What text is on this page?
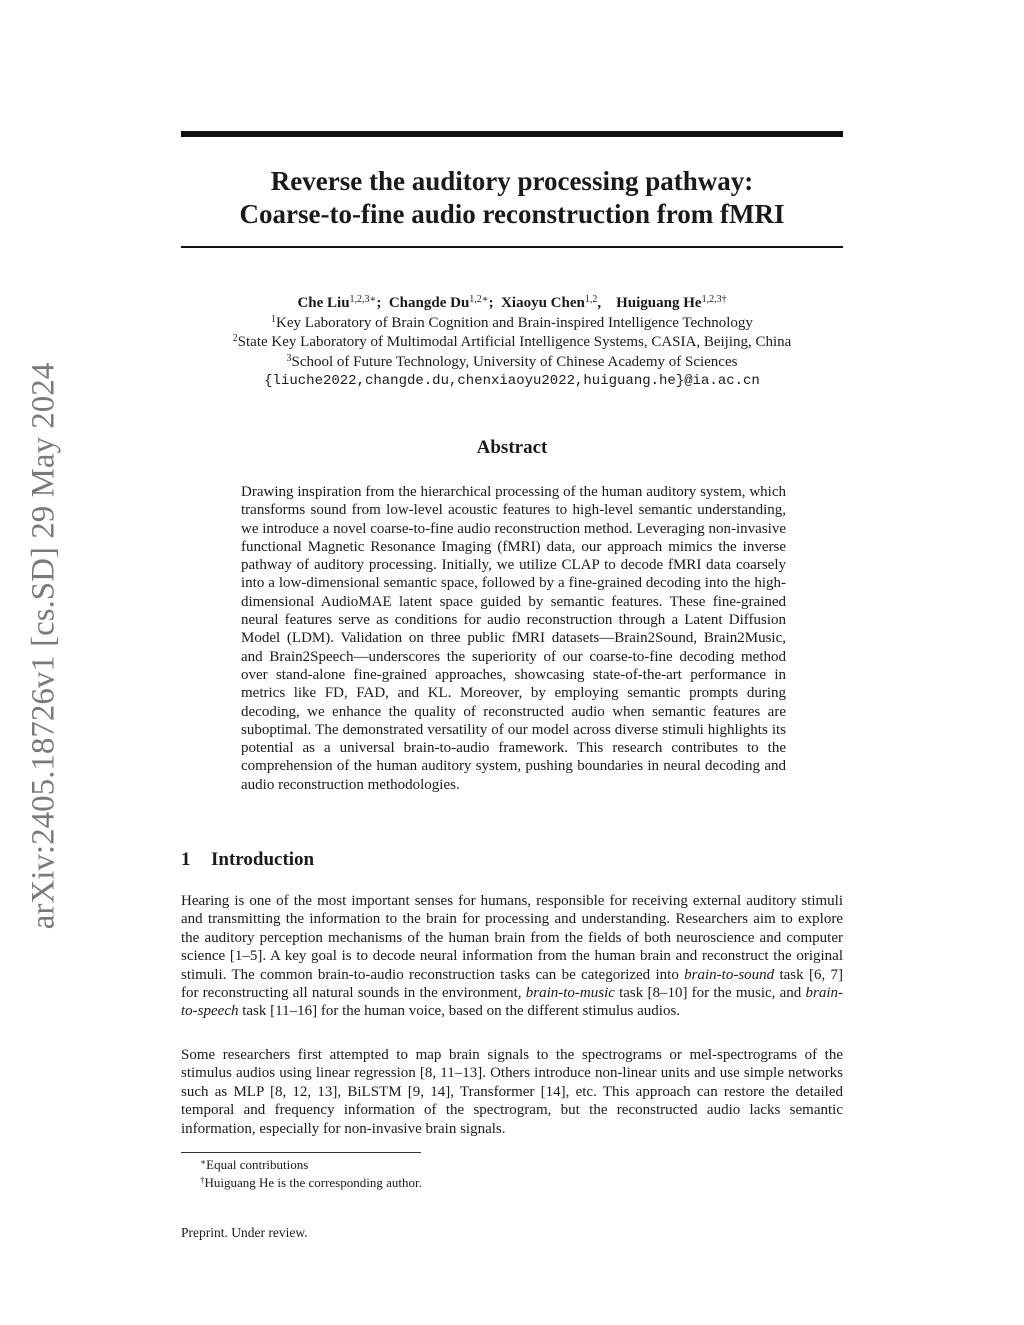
arXiv:2405.18726v1 [cs.SD] 29 May 2024
Reverse the auditory processing pathway:
Coarse-to-fine audio reconstruction from fMRI
Che Liu$^{1,2,3∗}$;  Changde $Du^{1,2∗}$;  Xiaoyu Chen$^{1,2}$,    Huiguang $He^{1,2,3\dagger}$
$^1$Key Laboratory of Brain Cognition and Brain-inspired Intelligence Technology
$^2$State Key Laboratory of Multimodal Artificial Intelligence Systems, CASIA, Beijing, China
$^3$School of Future Technology, University of Chinese Academy of Sciences
{liuche2022,changde.du,chenxiaoyu2022,huiguang.he}@ia.ac.cn
Abstract

Drawing inspiration from the hierarchical processing of the human auditory system, which transforms sound from low-level acoustic features to high-level semantic understanding, we introduce a novel coarse-to-fine audio reconstruction method. Leveraging non-invasive functional Magnetic Resonance Imaging (fMRI) data, our approach mimics the inverse pathway of auditory processing. Initially, we utilize CLAP to decode fMRI data coarsely into a low-dimensional semantic space, followed by a fine-grained decoding into the high-dimensional AudioMAE latent space guided by semantic features. These fine-grained neural features serve as conditions for audio reconstruction through a Latent Diffusion Model (LDM). Validation on three public fMRI datasets—Brain2Sound, Brain2Music, and Brain2Speech—underscores the superiority of our coarse-to-fine decoding method over stand-alone fine-grained approaches, showcasing state-of-the-art performance in metrics like FD, FAD, and KL. Moreover, by employing semantic prompts during decoding, we enhance the quality of reconstructed audio when semantic features are suboptimal. The demonstrated versatility of our model across diverse stimuli highlights its potential as a universal brain-to-audio framework. This research contributes to the comprehension of the human auditory system, pushing boundaries in neural decoding and audio reconstruction methodologies.

1 Introduction

Hearing is one of the most important senses for humans, responsible for receiving external auditory stimuli and transmitting the information to the brain for processing and understanding. Researchers aim to explore the auditory perception mechanisms of the human brain from the fields of both neuroscience and computer science [1–5]. A key goal is to decode neural information from the human brain and reconstruct the original stimuli. The common brain-to-audio reconstruction tasks can be categorized into brain-to-sound task [6, 7] for reconstructing all natural sounds in the environment, brain-to-music task [8–10] for the music, and brain-to-speech task [11–16] for the human voice, based on the different stimulus audios.

Some researchers first attempted to map brain signals to the spectrograms or mel-spectrograms of the stimulus audios using linear regression [8, 11–13]. Others introduce non-linear units and use simple networks such as MLP [8, 12, 13], BiLSTM [9, 14], Transformer [14], etc. This approach can restore the detailed temporal and frequency information of the spectrogram, but the reconstructed audio lacks semantic information, especially for non-invasive brain signals.

∗Equal contributions

†Huiguang He is the corresponding author.

Preprint. Under review.
